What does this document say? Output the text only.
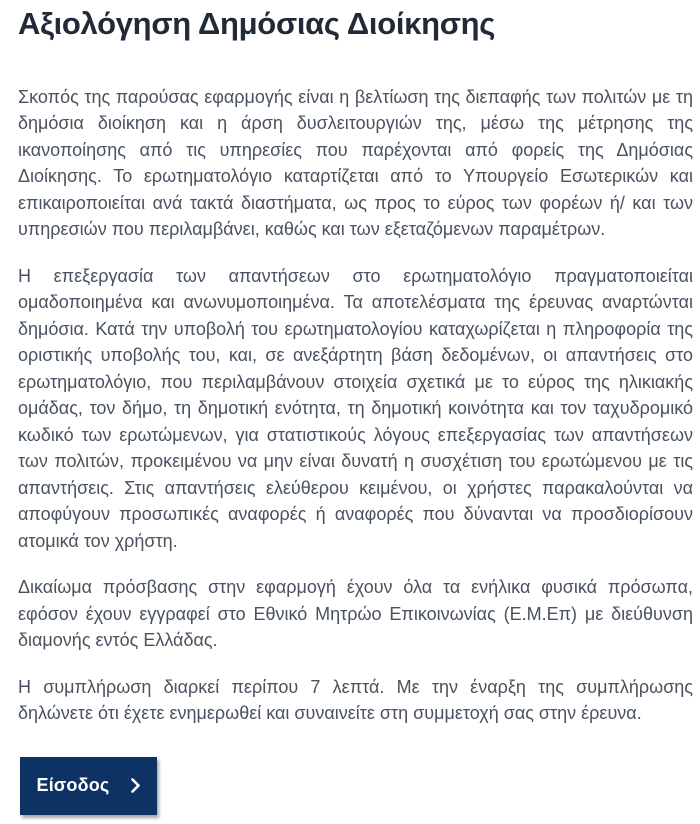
Αξιολόγηση Δημόσιας Διοίκησης

Σκοπός της παρούσας εφαρμογής είναι η βελτίωση της διεπαφής των πολιτών με τη δημόσια διοίκηση και η άρση δυσλειτουργιών της, μέσω της μέτρησης της ικανοποίησης από τις υπηρεσίες που παρέχονται από φορείς της Δημόσιας Διοίκησης. Το ερωτηματολόγιο καταρτίζεται από το Υπουργείο Εσωτερικών και επικαιροποιείται ανά τακτά διαστήματα, ως προς το εύρος των φορέων ή/ και των υπηρεσιών που περιλαμβάνει, καθώς και των εξεταζόμενων παραμέτρων.

Η επεξεργασία των απαντήσεων στο ερωτηματολόγιο πραγματοποιείται ομαδοποιημένα και ανωνυμοποιημένα. Τα αποτελέσματα της έρευνας αναρτώνται δημόσια. Κατά την υποβολή του ερωτηματολογίου καταχωρίζεται η πληροφορία της οριστικής υποβολής του, και, σε ανεξάρτητη βάση δεδομένων, οι απαντήσεις στο ερωτηματολόγιο, που περιλαμβάνουν στοιχεία σχετικά με το εύρος της ηλικιακής ομάδας, τον δήμο, τη δημοτική ενότητα, τη δημοτική κοινότητα και τον ταχυδρομικό κωδικό των ερωτώμενων, για στατιστικούς λόγους επεξεργασίας των απαντήσεων των πολιτών, προκειμένου να μην είναι δυνατή η συσχέτιση του ερωτώμενου με τις απαντήσεις. Στις απαντήσεις ελεύθερου κειμένου, οι χρήστες παρακαλούνται να αποφύγουν προσωπικές αναφορές ή αναφορές που δύνανται να προσδιορίσουν ατομικά τον χρήστη.

Δικαίωμα πρόσβασης στην εφαρμογή έχουν όλα τα ενήλικα φυσικά πρόσωπα, εφόσον έχουν εγγραφεί στο Εθνικό Μητρώο Επικοινωνίας (Ε.Μ.Επ) με διεύθυνση διαμονής εντός Ελλάδας.

Η συμπλήρωση διαρκεί περίπου 7 λεπτά. Με την έναρξη της συμπλήρωσης δηλώνετε ότι έχετε ενημερωθεί και συναινείτε στη συμμετοχή σας στην έρευνα.

Είσοδος
